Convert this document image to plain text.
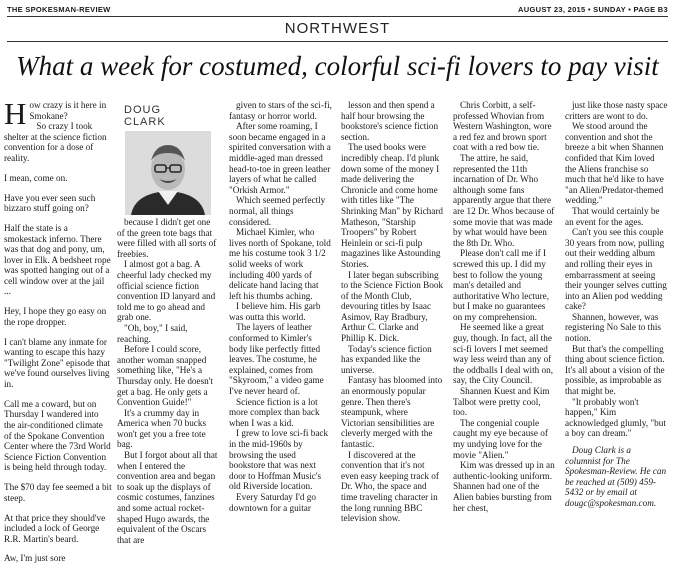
THE SPOKESMAN-REVIEW	AUGUST 23, 2015 • SUNDAY • PAGE B3
NORTHWEST
What a week for costumed, colorful sci-fi lovers to pay visit
How crazy is it here in Smokane?

So crazy I took shelter at the science fiction convention for a dose of reality.

I mean, come on.

Have you ever seen such bizzaro stuff going on?

Half the state is a smokestack inferno. There was that dog and pony, um, lover in Elk. A bedsheet rope was spotted hanging out of a cell window over at the jail ...

Hey, I hope they go easy on the rope dropper.

I can't blame any inmate for wanting to escape this hazy "Twilight Zone" episode that we've found ourselves living in.

Call me a coward, but on Thursday I wandered into the air-conditioned climate of the Spokane Convention Center where the 73rd World Science Fiction Convention is being held through today.

The $70 day fee seemed a bit steep.

At that price they should've included a lock of George R.R. Martin's beard.

Aw, I'm just sore

DOUG
CLARK

because I didn't get one of the green tote bags that were filled with all sorts of freebies.

I almost got a bag. A cheerful lady checked my official science fiction convention ID lanyard and told me to go ahead and grab one.

"Oh, boy," I said, reaching.

Before I could score, another woman snapped something like, "He's a Thursday only. He doesn't get a bag. He only gets a Convention Guide!"

It's a crummy day in America when 70 bucks won't get you a free tote bag.

But I forgot about all that when I entered the convention area and began to soak up the displays of cosmic costumes, fanzines and some actual rocket-shaped Hugo awards, the equivalent of the Oscars that are

given to stars of the sci-fi, fantasy or horror world.

After some roaming, I soon became engaged in a spirited conversation with a middle-aged man dressed head-to-toe in green leather layers of what he called "Orkish Armor."

Which seemed perfectly normal, all things considered.

Michael Kimler, who lives north of Spokane, told me his costume took 3 1/2 solid weeks of work including 400 yards of delicate hand lacing that left his thumbs aching.

I believe him. His garb was outta this world.

The layers of leather conformed to Kimler's body like perfectly fitted leaves. The costume, he explained, comes from "Skyroom," a video game I've never heard of.

Science fiction is a lot more complex than back when I was a kid.

I grew to love sci-fi back in the mid-1960s by browsing the used bookstore that was next door to Hoffman Music's old Riverside location.

Every Saturday I'd go downtown for a guitar

lesson and then spend a half hour browsing the bookstore's science fiction section.

The used books were incredibly cheap. I'd plunk down some of the money I made delivering the Chronicle and come home with titles like "The Shrinking Man" by Richard Matheson, "Starship Troopers" by Robert Heinlein or sci-fi pulp magazines like Astounding Stories.

I later began subscribing to the Science Fiction Book of the Month Club, devouring titles by Isaac Asimov, Ray Bradbury, Arthur C. Clarke and Phillip K. Dick.

Today's science fiction has expanded like the universe.

Fantasy has bloomed into an enormously popular genre. Then there's steampunk, where Victorian sensibilities are cleverly merged with the fantastic.

I discovered at the convention that it's not even easy keeping track of Dr. Who, the space and time traveling character in the long running BBC television show.

Chris Corbitt, a self-professed Whovian from Western Washington, wore a red fez and brown sport coat with a red bow tie.

The attire, he said, represented the 11th incarnation of Dr. Who although some fans apparently argue that there are 12 Dr. Whos because of some movie that was made by what would have been the 8th Dr. Who.

Please don't call me if I screwed this up. I did my best to follow the young man's detailed and authoritative Who lecture, but I make no guarantees on my comprehension.

He seemed like a great guy, though. In fact, all the sci-fi lovers I met seemed way less weird than any of the oddballs I deal with on, say, the City Council.

Shannen Kuest and Kim Talbot were pretty cool, too.

The congenial couple caught my eye because of my undying love for the movie "Alien."

Kim was dressed up in an authentic-looking uniform. Shannen had one of the Alien babies bursting from her chest,

just like those nasty space critters are wont to do.

We stood around the convention and shot the breeze a bit when Shannen confided that Kim loved the Aliens franchise so much that he'd like to have "an Alien/Predator-themed wedding."

That would certainly be an event for the ages.

Can't you see this couple 30 years from now, pulling out their wedding album and rolling their eyes in embarrassment at seeing their younger selves cutting into an Alien pod wedding cake?

Shannen, however, was registering No Sale to this notion.

But that's the compelling thing about science fiction. It's all about a vision of the possible, as improbable as that might be.

"It probably won't happen," Kim acknowledged glumly, "but a boy can dream."

Doug Clark is a columnist for The Spokesman-Review. He can be reached at (509) 459-5432 or by email at dougc@spokesman.com.
